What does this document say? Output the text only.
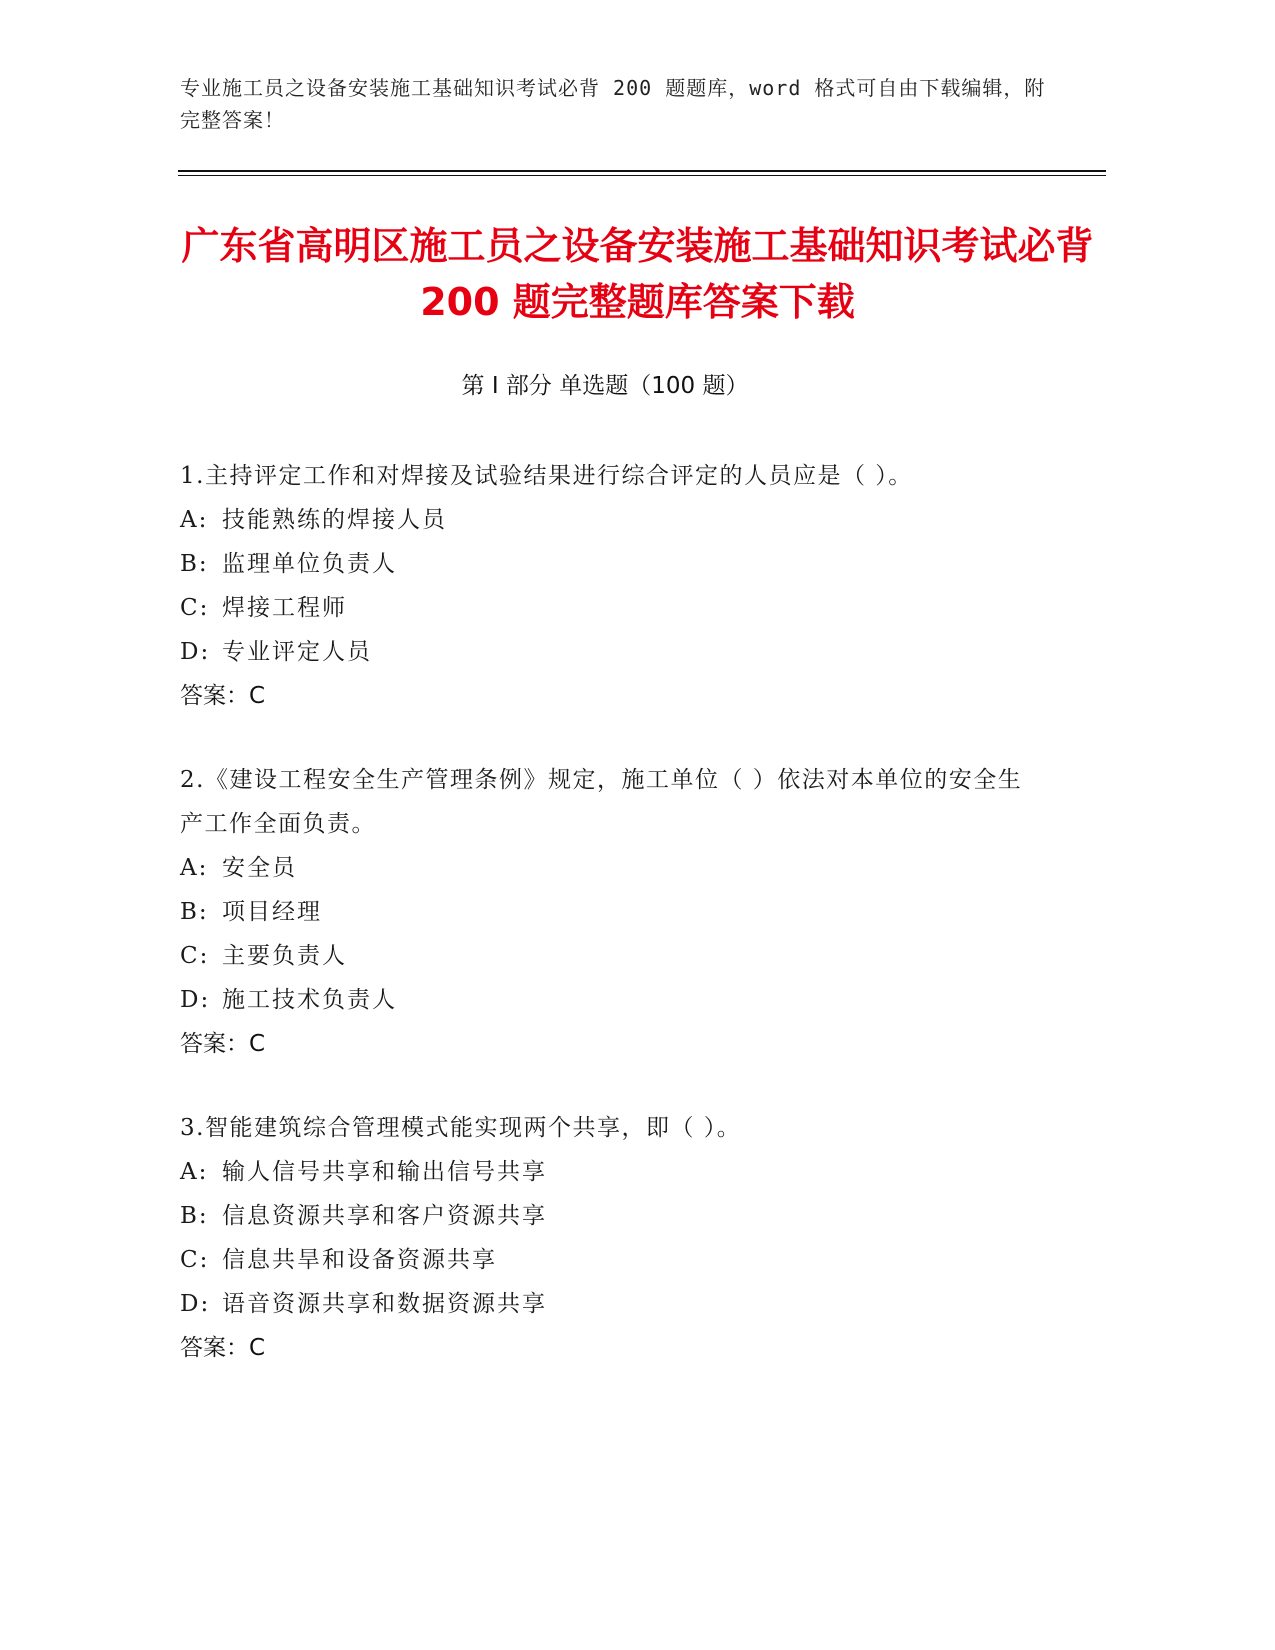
专业施工员之设备安装施工基础知识考试必背 200 题题库，word 格式可自由下载编辑，附完整答案！
广东省高明区施工员之设备安装施工基础知识考试必背 200 题完整题库答案下载
第 I 部分 单选题（100 题）
1.主持评定工作和对焊接及试验结果进行综合评定的人员应是（ ）。
A: 技能熟练的焊接人员
B: 监理单位负责人
C: 焊接工程师
D: 专业评定人员
答案：C
2.《建设工程安全生产管理条例》规定，施工单位（ ）依法对本单位的安全生产工作全面负责。
A: 安全员
B: 项目经理
C: 主要负责人
D: 施工技术负责人
答案：C
3.智能建筑综合管理模式能实现两个共享，即（ ）。
A: 输人信号共享和输出信号共享
B: 信息资源共享和客户资源共享
C: 信息共旱和设备资源共享
D: 语音资源共享和数据资源共享
答案：C
